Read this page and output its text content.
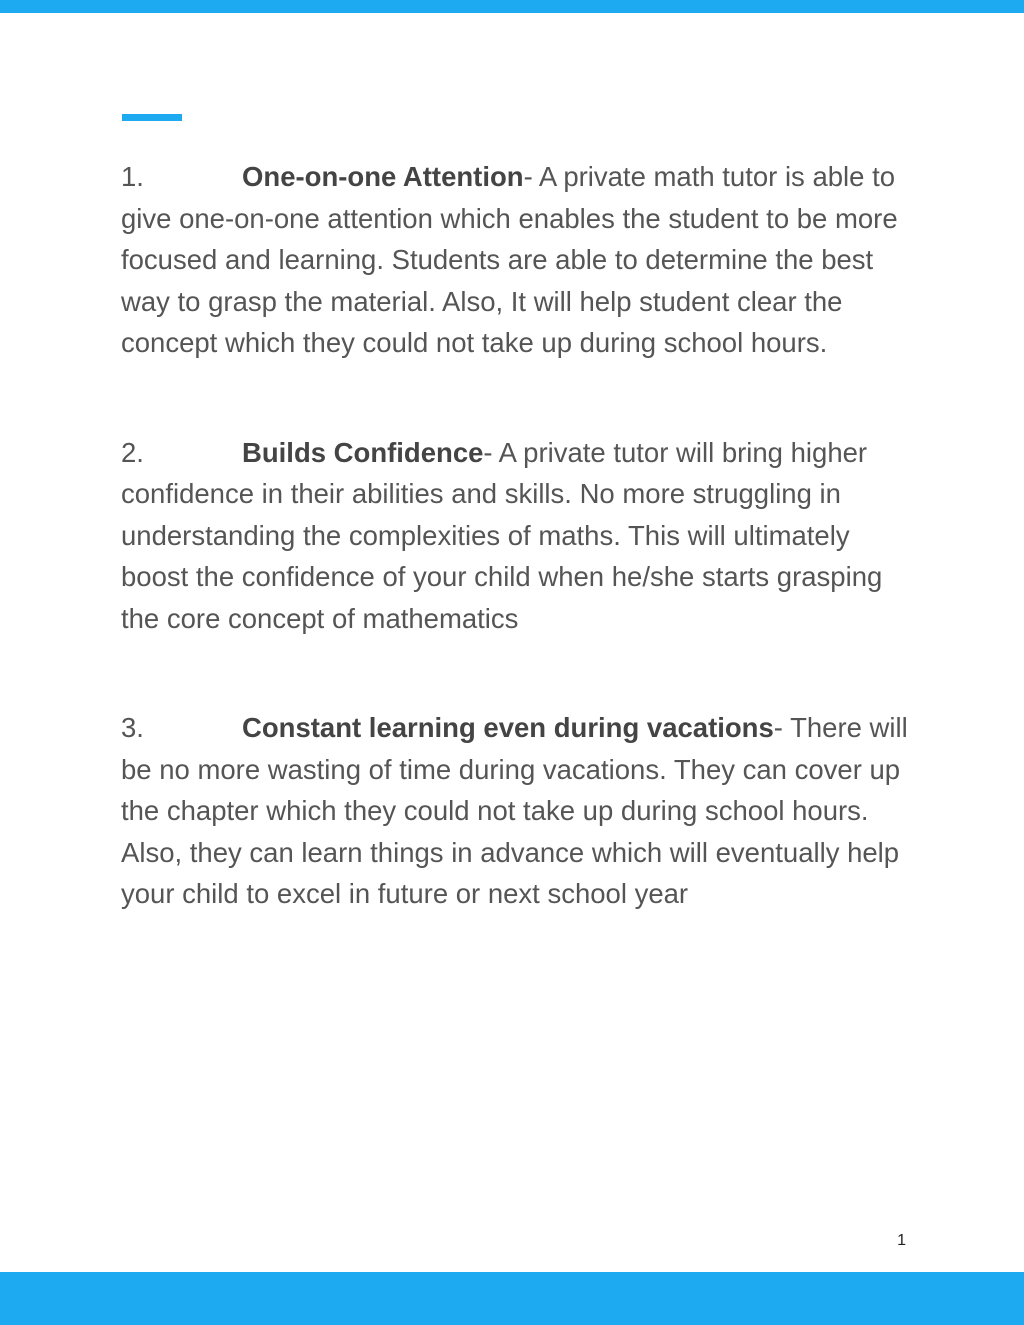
1.	One-on-one Attention- A private math tutor is able to give one-on-one attention which enables the student to be more focused and learning. Students are able to determine the best way to grasp the material. Also, It will help student clear the concept which they could not take up during school hours.

2.	Builds Confidence- A private tutor will bring higher confidence in their abilities and skills. No more struggling in understanding the complexities of maths. This will ultimately boost the confidence of your child when he/she starts grasping the core concept of mathematics

3.	Constant learning even during vacations- There will be no more wasting of time during vacations. They can cover up the chapter which they could not take up during school hours. Also, they can learn things in advance which will eventually help your child to excel in future or next school year

1
